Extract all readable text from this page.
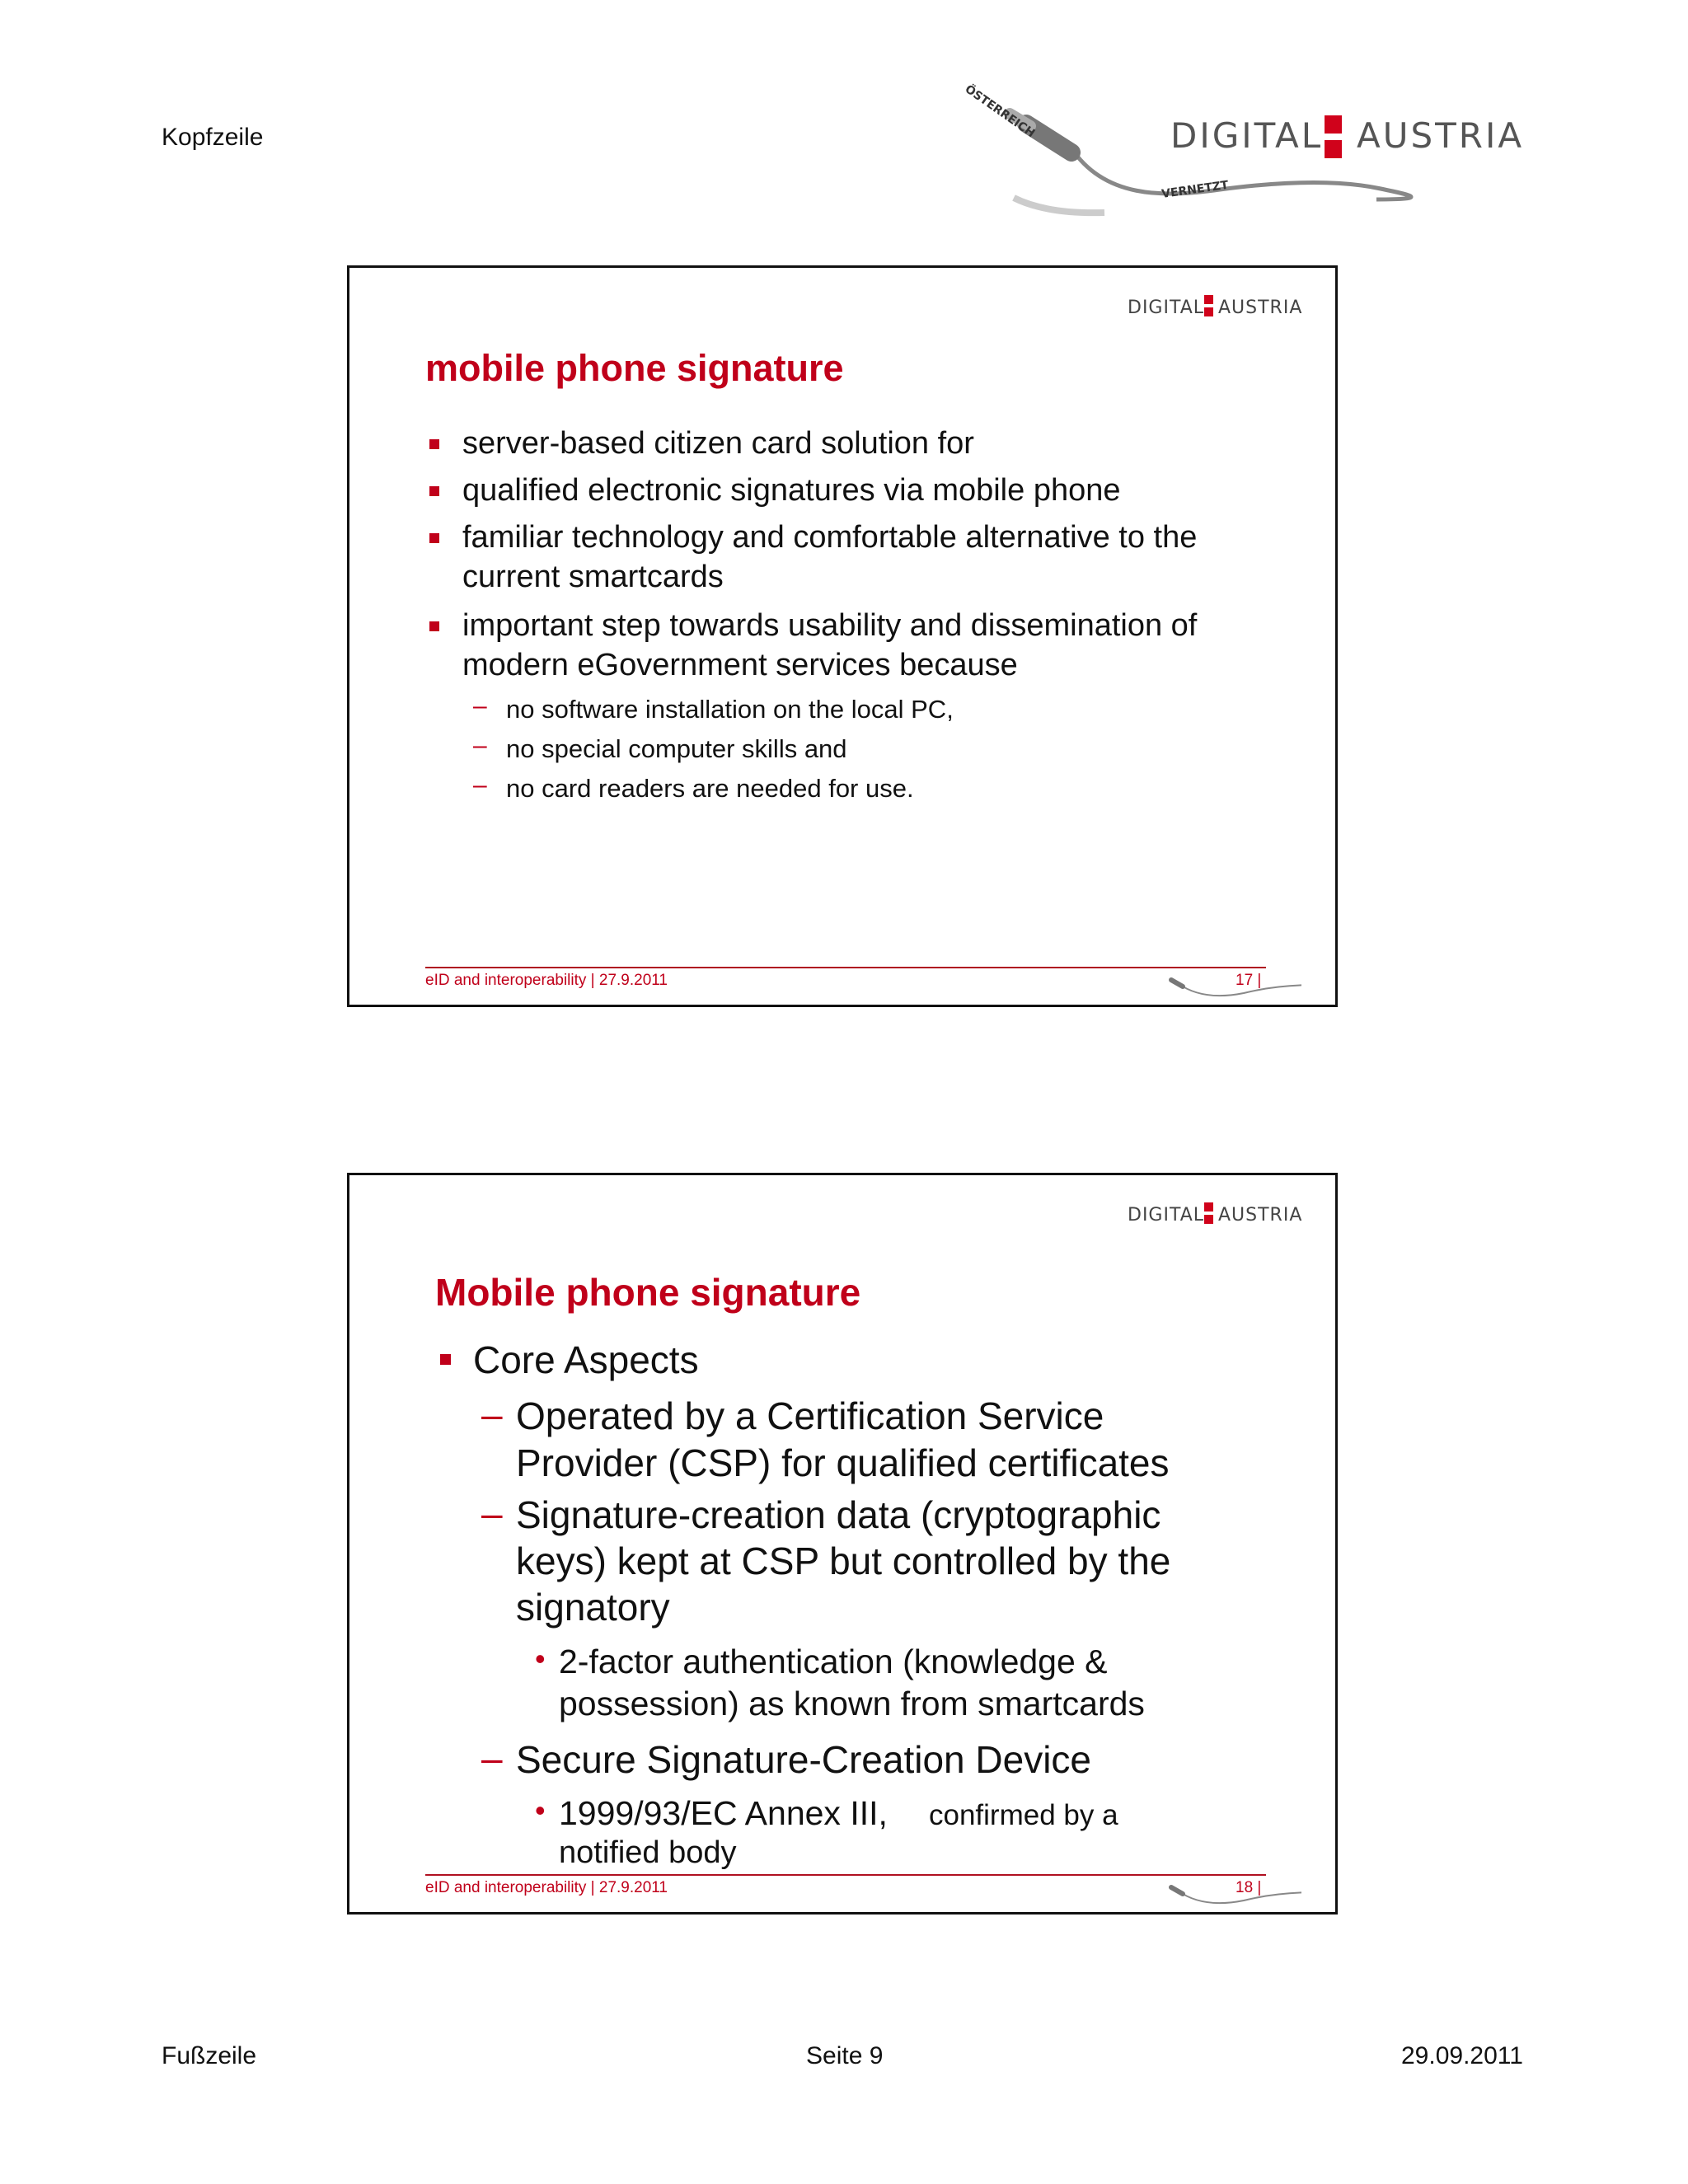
Kopfzeile	ÖSTERREICH
VERNETZT
DIGITAL AUSTRIA
DIGITAL AUSTRIA
mobile phone signature
server-based citizen card solution for
qualified electronic signatures via mobile phone
familiar technology and comfortable alternative to the
current smartcards
important step towards usability and dissemination of
modern eGovernment services because
– no software installation on the local PC,
– no special computer skills and
– no card readers are needed for use.
eID and interoperability | 27.9.2011	17 |
DIGITAL AUSTRIA
Mobile phone signature
Core Aspects
– Operated by a Certification Service
Provider (CSP) for qualified certificates
– Signature-creation data (cryptographic
keys) kept at CSP but controlled by the
signatory
• 2-factor authentication (knowledge &
possession) as known from smartcards
– Secure Signature-Creation Device
• 1999/93/EC Annex III, confirmed by a
notified body
eID and interoperability | 27.9.2011	18 |
Fußzeile	Seite 9	29.09.2011
